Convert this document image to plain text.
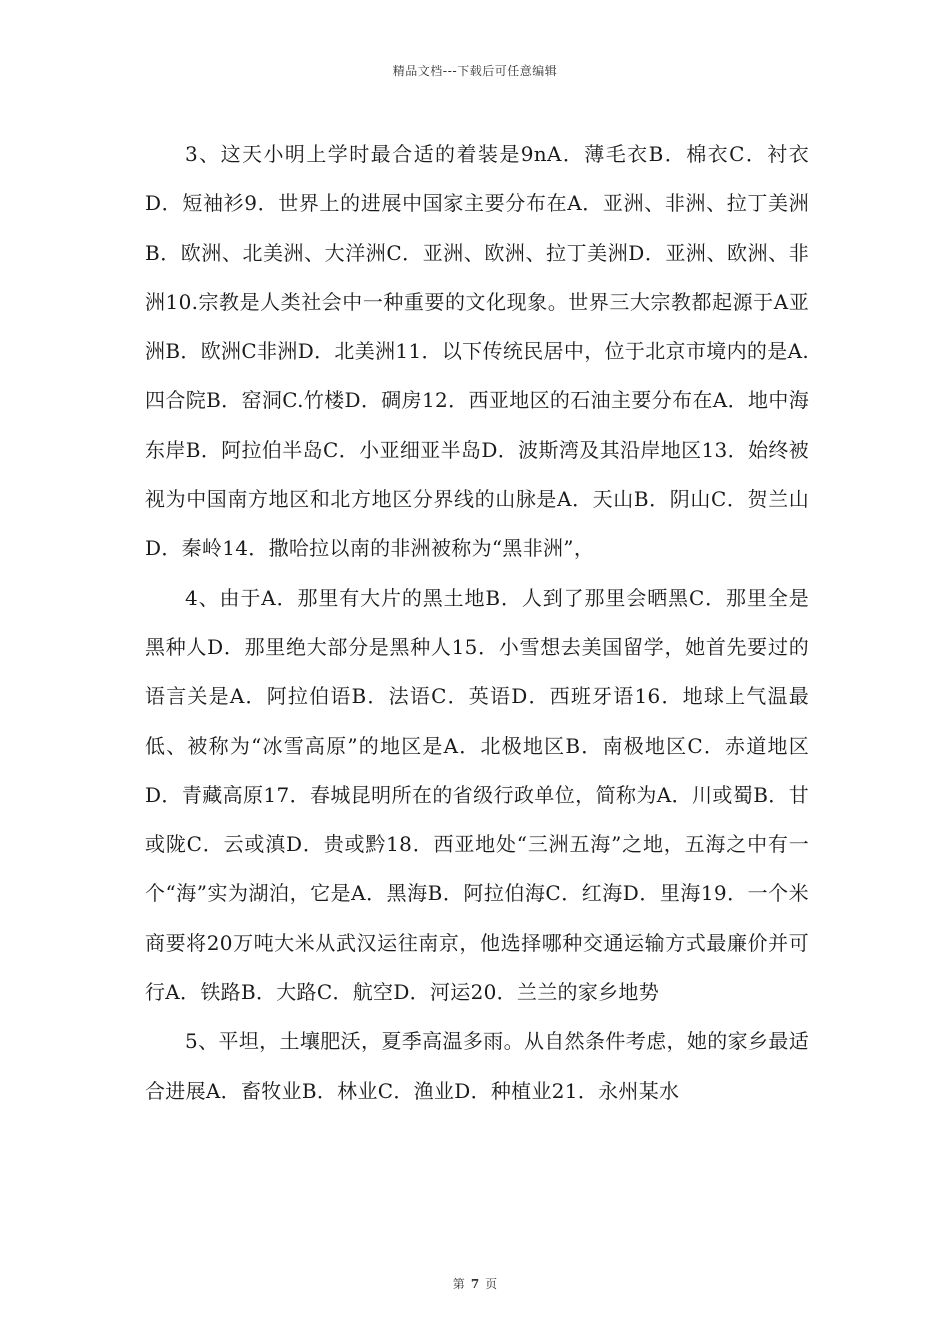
精品文档---下载后可任意编辑

3、这天小明上学时最合适的着装是9nA．薄毛衣B．棉衣C．衬衣D．短袖衫9．世界上的进展中国家主要分布在A．亚洲、非洲、拉丁美洲B．欧洲、北美洲、大洋洲C．亚洲、欧洲、拉丁美洲D．亚洲、欧洲、非洲10.宗教是人类社会中一种重要的文化现象。世界三大宗教都起源于A亚洲B．欧洲C非洲D．北美洲11．以下传统民居中，位于北京市境内的是A.四合院B．窑洞C.竹楼D．碉房12．西亚地区的石油主要分布在A．地中海东岸B．阿拉伯半岛C．小亚细亚半岛D．波斯湾及其沿岸地区13．始终被视为中国南方地区和北方地区分界线的山脉是A．天山B．阴山C．贺兰山D．秦岭14．撒哈拉以南的非洲被称为“黑非洲”，

4、由于A．那里有大片的黑土地B．人到了那里会晒黑C．那里全是黑种人D．那里绝大部分是黑种人15．小雪想去美国留学，她首先要过的语言关是A．阿拉伯语B．法语C．英语D．西班牙语16．地球上气温最低、被称为“冰雪高原”的地区是A．北极地区B．南极地区C．赤道地区D．青藏高原17．春城昆明所在的省级行政单位，简称为A．川或蜀B．甘或陇C．云或滇D．贵或黔18．西亚地处“三洲五海”之地，五海之中有一个“海”实为湖泊，它是A．黑海B．阿拉伯海C．红海D．里海19．一个米商要将20万吨大米从武汉运往南京，他选择哪种交通运输方式最廉价并可行A．铁路B．大路C．航空D．河运20．兰兰的家乡地势

5、平坦，土壤肥沃，夏季高温多雨。从自然条件考虑，她的家乡最适合进展A．畜牧业B．林业C．渔业D．种植业21．永州某水

第 7 页
